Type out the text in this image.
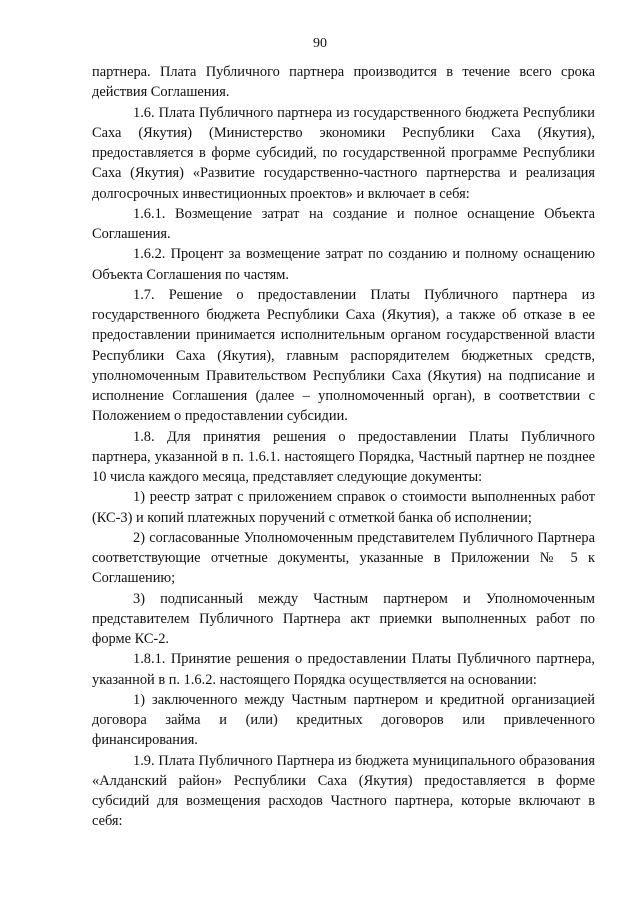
90

партнера. Плата Публичного партнера производится в течение всего срока действия Соглашения.

1.6. Плата Публичного партнера из государственного бюджета Республики Саха (Якутия) (Министерство экономики Республики Саха (Якутия), предоставляется в форме субсидий, по государственной программе Республики Саха (Якутия) «Развитие государственно-частного партнерства и реализация долгосрочных инвестиционных проектов» и включает в себя:

1.6.1. Возмещение затрат на создание и полное оснащение Объекта Соглашения.

1.6.2. Процент за возмещение затрат по созданию и полному оснащению Объекта Соглашения по частям.

1.7. Решение о предоставлении Платы Публичного партнера из государственного бюджета Республики Саха (Якутия), а также об отказе в ее предоставлении принимается исполнительным органом государственной власти Республики Саха (Якутия), главным распорядителем бюджетных средств, уполномоченным Правительством Республики Саха (Якутия) на подписание и исполнение Соглашения (далее – уполномоченный орган), в соответствии с Положением о предоставлении субсидии.

1.8. Для принятия решения о предоставлении Платы Публичного партнера, указанной в п. 1.6.1. настоящего Порядка, Частный партнер не позднее 10 числа каждого месяца, представляет следующие документы:

1) реестр затрат с приложением справок о стоимости выполненных работ (КС-3) и копий платежных поручений с отметкой банка об исполнении;

2) согласованные Уполномоченным представителем Публичного Партнера соответствующие отчетные документы, указанные в Приложении № 5 к Соглашению;

3) подписанный между Частным партнером и Уполномоченным представителем Публичного Партнера акт приемки выполненных работ по форме КС-2.

1.8.1. Принятие решения о предоставлении Платы Публичного партнера, указанной в п. 1.6.2. настоящего Порядка осуществляется на основании:

1) заключенного между Частным партнером и кредитной организацией договора займа и (или) кредитных договоров или привлеченного финансирования.

1.9. Плата Публичного Партнера из бюджета муниципального образования «Алданский район» Республики Саха (Якутия) предоставляется в форме субсидий для возмещения расходов Частного партнера, которые включают в себя:
